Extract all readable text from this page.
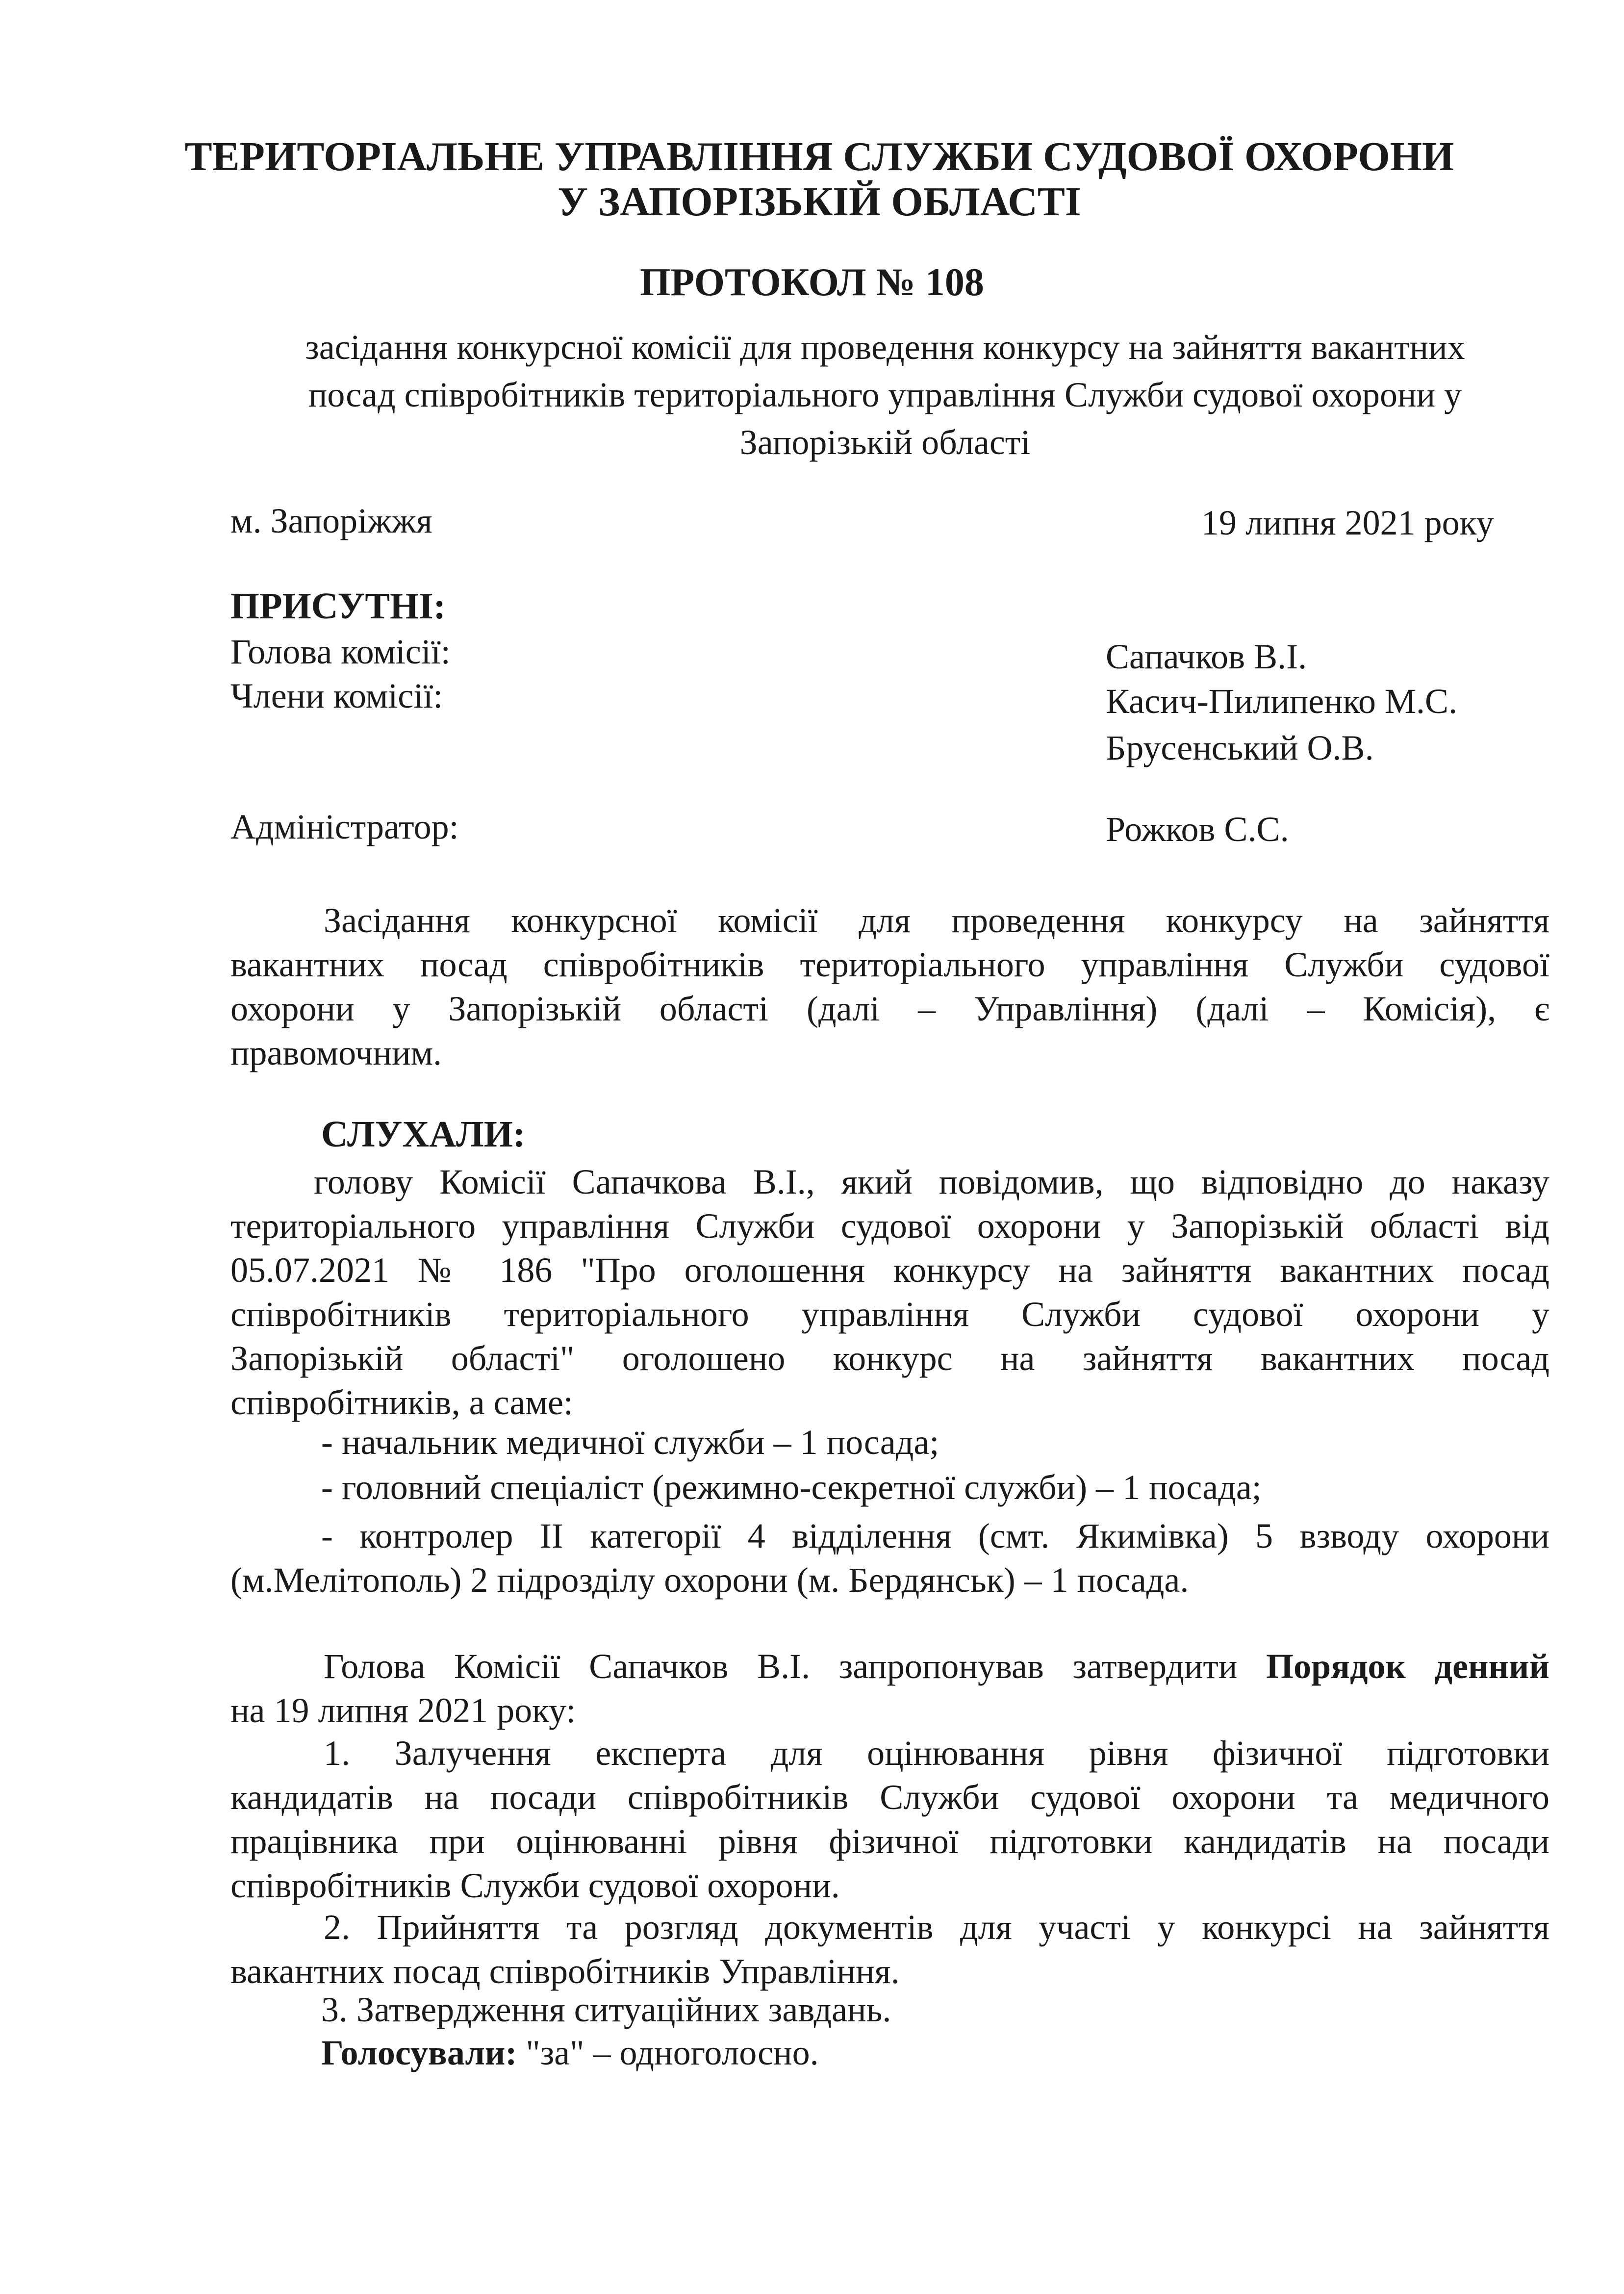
ТЕРИТОРІАЛЬНЕ УПРАВЛІННЯ СЛУЖБИ СУДОВОЇ ОХОРОНИ
У ЗАПОРІЗЬКІЙ ОБЛАСТІ
ПРОТОКОЛ № 108
засідання конкурсної комісії для проведення конкурсу на зайняття вакантних
посад співробітників територіального управління Служби судової охорони у
Запорізькій області
м. Запоріжжя	19 липня 2021 року
ПРИСУТНІ:
Голова комісії:	Сапачков В.І.
Члени комісії:	Касич-Пилипенко М.С.
Брусенський О.В.
Адміністратор:	Рожков С.С.
Засідання конкурсної комісії для проведення конкурсу на зайняття
вакантних посад співробітників територіального управління Служби судової
охорони у Запорізькій області (далі – Управління) (далі – Комісія), є
правомочним.
СЛУХАЛИ:
голову Комісії Сапачкова В.І., який повідомив, що відповідно до наказу
територіального управління Служби судової охорони у Запорізькій області від
05.07.2021 № 186 "Про оголошення конкурсу на зайняття вакантних посад
співробітників територіального управління Служби судової охорони у
Запорізькій області" оголошено конкурс на зайняття вакантних посад
співробітників, а саме:
- начальник медичної служби – 1 посада;
- головний спеціаліст (режимно-секретної служби) – 1 посада;
- контролер II категорії 4 відділення (смт. Якимівка) 5 взводу охорони
(м.Мелітополь) 2 підрозділу охорони (м. Бердянськ) – 1 посада.
Голова Комісії Сапачков В.І. запропонував затвердити Порядок денний
на 19 липня 2021 року:
1. Залучення експерта для оцінювання рівня фізичної підготовки
кандидатів на посади співробітників Служби судової охорони та медичного
працівника при оцінюванні рівня фізичної підготовки кандидатів на посади
співробітників Служби судової охорони.
2. Прийняття та розгляд документів для участі у конкурсі на зайняття
вакантних посад співробітників Управління.
3. Затвердження ситуаційних завдань.
Голосували: "за" – одноголосно.
